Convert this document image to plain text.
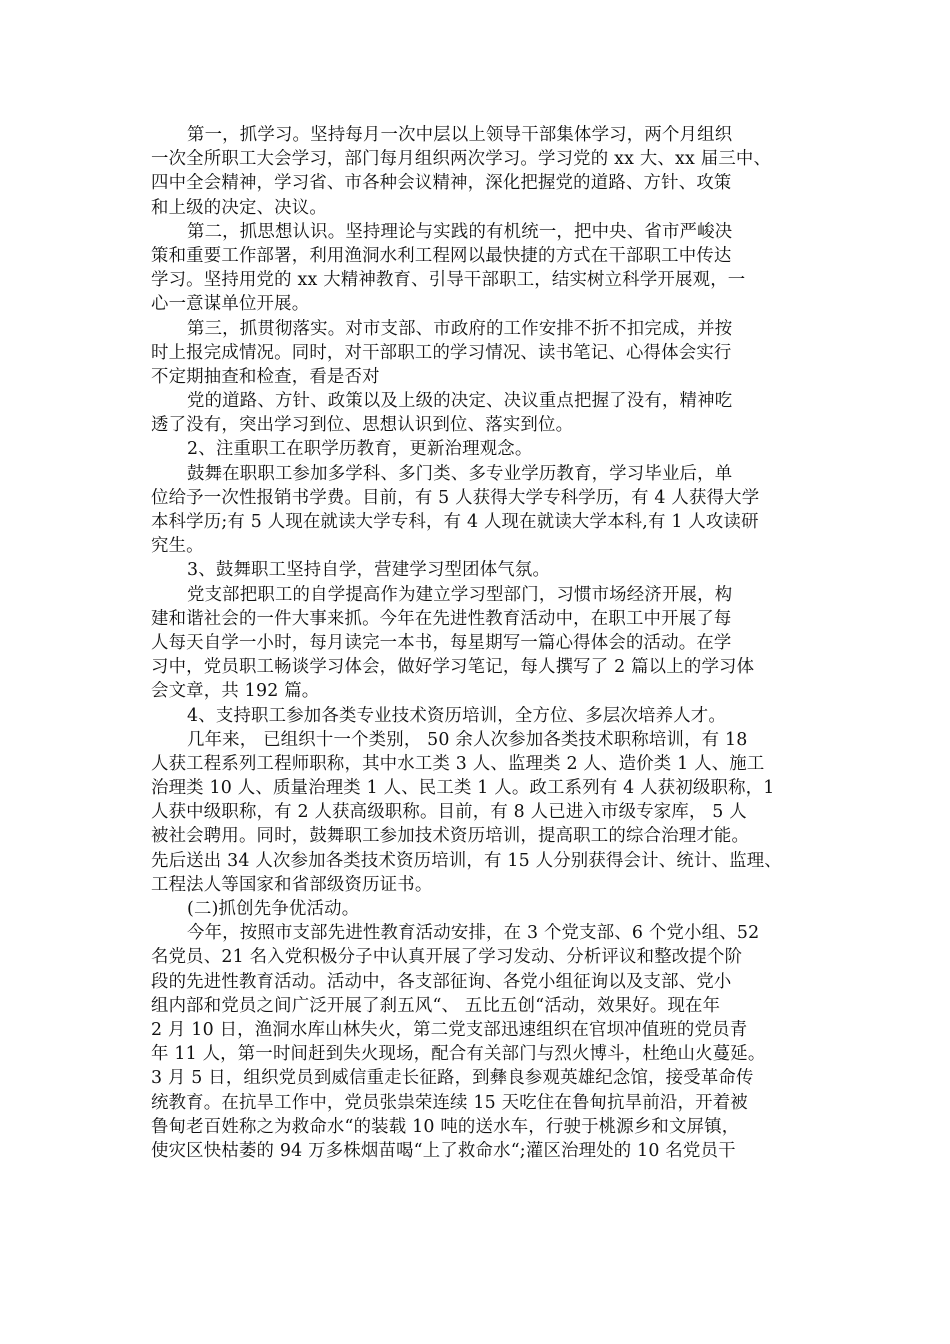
第一，抓学习。坚持每月一次中层以上领导干部集体学习，两个月组织
一次全所职工大会学习，部门每月组织两次学习。学习党的 xx 大、xx 届三中、
四中全会精神，学习省、市各种会议精神，深化把握党的道路、方针、攻策
和上级的决定、决议。
第二，抓思想认识。坚持理论与实践的有机统一，把中央、省市严峻决
策和重要工作部署，利用渔洞水利工程网以最快捷的方式在干部职工中传达
学习。坚持用党的 xx 大精神教育、引导干部职工，结实树立科学开展观，一
心一意谋单位开展。
第三，抓贯彻落实。对市支部、市政府的工作安排不折不扣完成，并按
时上报完成情况。同时，对干部职工的学习情况、读书笔记、心得体会实行
不定期抽查和检查，看是否对
党的道路、方针、政策以及上级的决定、决议重点把握了没有，精神吃
透了没有，突出学习到位、思想认识到位、落实到位。
2、注重职工在职学历教育，更新治理观念。
鼓舞在职职工参加多学科、多门类、多专业学历教育，学习毕业后，单
位给予一次性报销书学费。目前，有 5 人获得大学专科学历，有 4 人获得大学
本科学历;有 5 人现在就读大学专科，有 4 人现在就读大学本科,有 1 人攻读研
究生。
3、鼓舞职工坚持自学，营建学习型团体气氛。
党支部把职工的自学提高作为建立学习型部门，习惯市场经济开展，构
建和谐社会的一件大事来抓。今年在先进性教育活动中，在职工中开展了每
人每天自学一小时，每月读完一本书，每星期写一篇心得体会的活动。在学
习中，党员职工畅谈学习体会，做好学习笔记，每人撰写了 2 篇以上的学习体
会文章，共 192 篇。
4、支持职工参加各类专业技术资历培训，全方位、多层次培养人才。
几年来， 已组织十一个类别， 50 余人次参加各类技术职称培训，有 18
人获工程系列工程师职称，其中水工类 3 人、监理类 2 人、造价类 1 人、施工
治理类 10 人、质量治理类 1 人、民工类 1 人。政工系列有 4 人获初级职称，1
人获中级职称，有 2 人获高级职称。目前，有 8 人已进入市级专家库， 5 人
被社会聘用。同时，鼓舞职工参加技术资历培训，提高职工的综合治理才能。
先后送出 34 人次参加各类技术资历培训，有 15 人分别获得会计、统计、监理、
工程法人等国家和省部级资历证书。
(二)抓创先争优活动。
今年，按照市支部先进性教育活动安排，在 3 个党支部、6 个党小组、52
名党员、21 名入党积极分子中认真开展了学习发动、分析评议和整改提个阶
段的先进性教育活动。活动中，各支部征询、各党小组征询以及支部、党小
组内部和党员之间广泛开展了刹五风“、 五比五创“活动，效果好。现在年
2 月 10 日，渔洞水库山林失火，第二党支部迅速组织在官坝冲值班的党员青
年 11 人，第一时间赶到失火现场，配合有关部门与烈火博斗，杜绝山火蔓延。
3 月 5 日，组织党员到威信重走长征路，到彝良参观英雄纪念馆，接受革命传
统教育。在抗旱工作中，党员张祟荣连续 15 天吃住在鲁甸抗旱前沿，开着被
鲁甸老百姓称之为救命水“的装载 10 吨的送水车，行驶于桃源乡和文屏镇，
使灾区快枯萎的 94 万多株烟苗喝“上了救命水“;灌区治理处的 10 名党员干
